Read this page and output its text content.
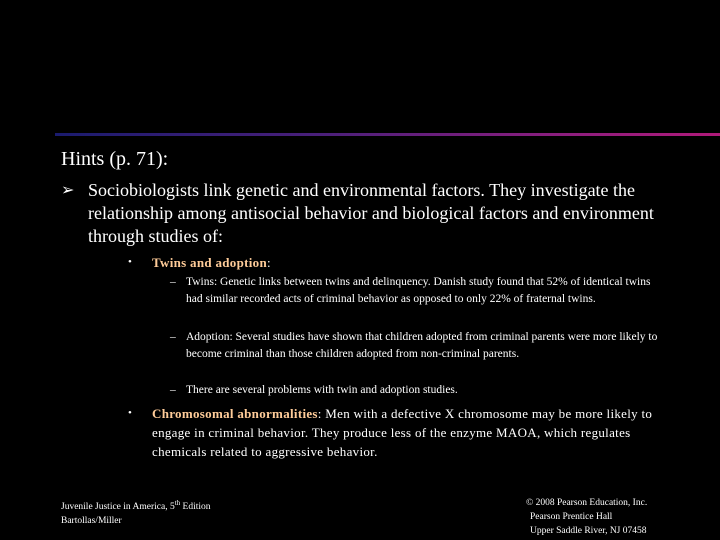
Hints (p. 71):
➢ Sociobiologists link genetic and environmental factors. They investigate the relationship among antisocial behavior and biological factors and environment through studies of:
• Twins and adoption:
– Twins: Genetic links between twins and delinquency. Danish study found that 52% of identical twins had similar recorded acts of criminal behavior as opposed to only 22% of fraternal twins.
– Adoption: Several studies have shown that children adopted from criminal parents were more likely to become criminal than those children adopted from non-criminal parents.
– There are several problems with twin and adoption studies.
• Chromosomal abnormalities: Men with a defective X chromosome may be more likely to engage in criminal behavior. They produce less of the enzyme MAOA, which regulates chemicals related to aggressive behavior.
Juvenile Justice in America, 5th Edition
Bartollas/Miller
© 2008 Pearson Education, Inc.
Pearson Prentice Hall
Upper Saddle River, NJ 07458
